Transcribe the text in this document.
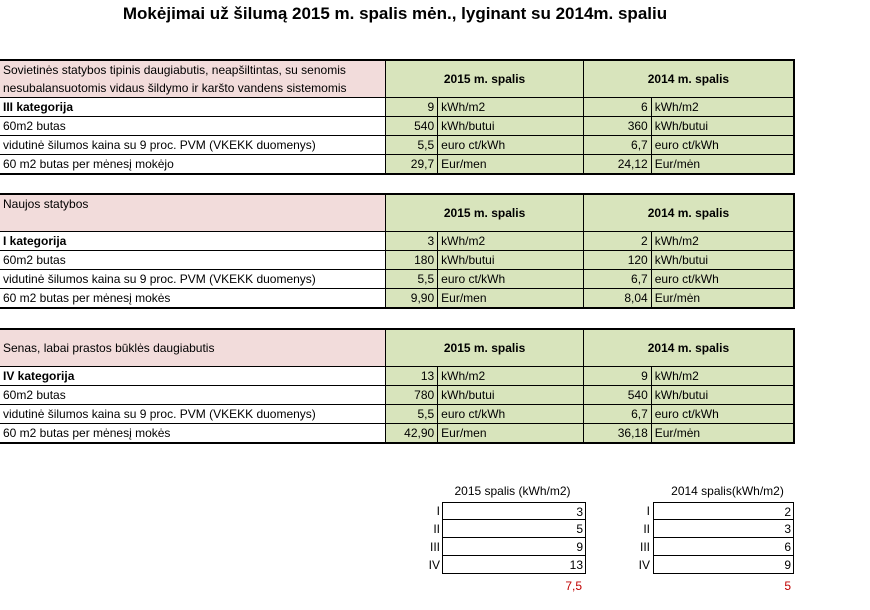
Mokėjimai už šilumą 2015 m. spalis mėn., lyginant su 2014m. spaliu
Sovietinės statybos tipinis daugiabutis, neapšiltintas, su senomis nesubalansuotomis vidaus šildymo ir karšto vandens sistemomis	2015 m. spalis		2014 m. spalis	
III kategorija	9	kWh/m2	6	kWh/m2
60m2 butas	540	kWh/butui	360	kWh/butui
vidutinė šilumos kaina su 9 proc. PVM (VKEKK duomenys)	5,5	euro ct/kWh	6,7	euro ct/kWh
60 m2 butas per mėnesį mokėjo	29,7	Eur/men	24,12	Eur/mėn
Naujos statybos	2015 m. spalis		2014 m. spalis	
I kategorija	3	kWh/m2	2	kWh/m2
60m2 butas	180	kWh/butui	120	kWh/butui
vidutinė šilumos kaina su 9 proc. PVM (VKEKK duomenys)	5,5	euro ct/kWh	6,7	euro ct/kWh
60 m2 butas per mėnesį mokės	9,90	Eur/men	8,04	Eur/mėn
Senas, labai prastos būklės daugiabutis	2015 m. spalis		2014 m. spalis	
IV kategorija	13	kWh/m2	9	kWh/m2
60m2 butas	780	kWh/butui	540	kWh/butui
vidutinė šilumos kaina su 9 proc. PVM (VKEKK duomenys)	5,5	euro ct/kWh	6,7	euro ct/kWh
60 m2 butas per mėnesį mokės	42,90	Eur/men	36,18	Eur/mėn
2015 spalis (kWh/m2)
I	3
II	5
III	9
IV	13
7,5
2014 spalis(kWh/m2)
I	2
II	3
III	6
IV	9
5
